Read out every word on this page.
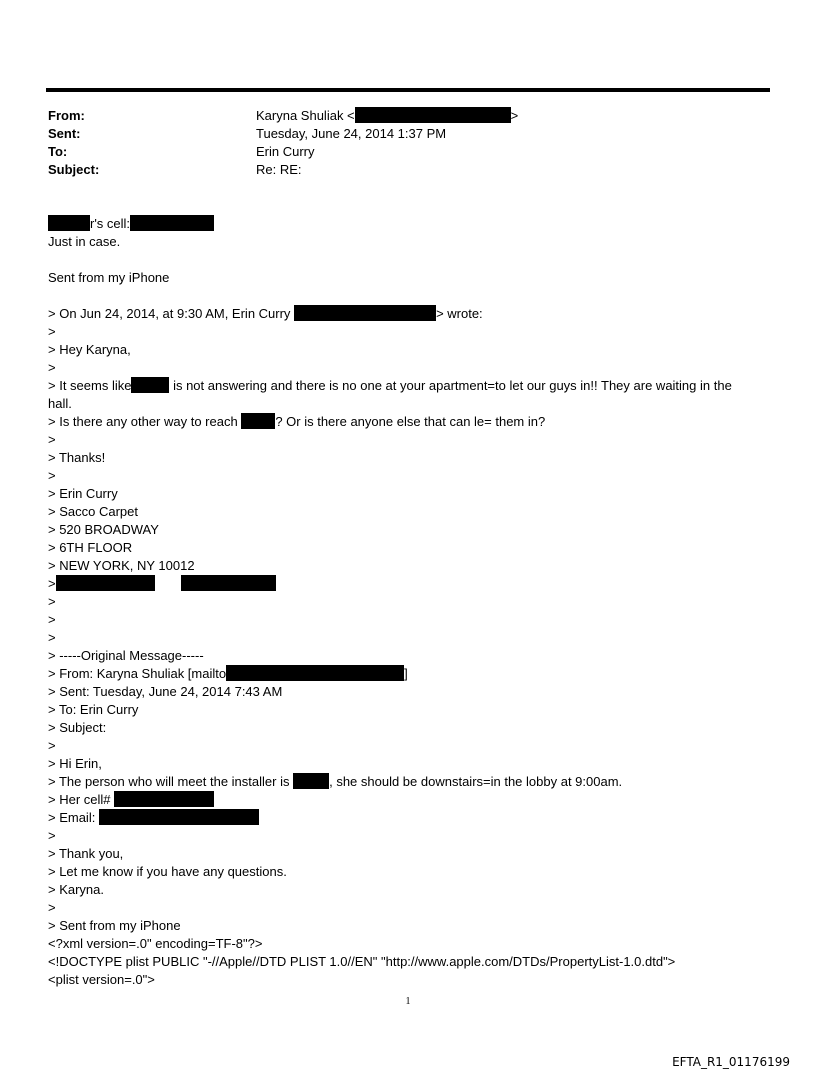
From:	Karyna Shuliak <	>
Sent:	Tuesday, June 24, 2014 1:37 PM
To:	Erin Curry
Subject:	Re: RE:
r's cell:
Just in case.
Sent from my iPhone
> On Jun 24, 2014, at 9:30 AM, Erin Curry	> wrote:
>
> Hey Karyna,
>
> It seems like	is not answering and there is no one at your apartment=to let our guys in!! They are waiting in the
hall.
> Is there any other way to reach	? Or is there anyone else that can le= them in?
>
> Thanks!
>
> Erin Curry
> Sacco Carpet
> 520 BROADWAY
> 6TH FLOOR
> NEW YORK, NY 10012
>
>
>
>
> -----Original Message-----
> From: Karyna Shuliak [mailto	]
> Sent: Tuesday, June 24, 2014 7:43 AM
> To: Erin Curry
> Subject:
>
> Hi Erin,
> The person who will meet the installer is	, she should be downstairs=in the lobby at 9:00am.
> Her cell#
> Email:
>
> Thank you,
> Let me know if you have any questions.
> Karyna.
>
> Sent from my iPhone
<?xml version=.0" encoding=TF-8"?>
<!DOCTYPE plist PUBLIC "-//Apple//DTD PLIST 1.0//EN" "http://www.apple.com/DTDs/PropertyList-1.0.dtd">
<plist version=.0">
1
EFTA_R1_01176199
